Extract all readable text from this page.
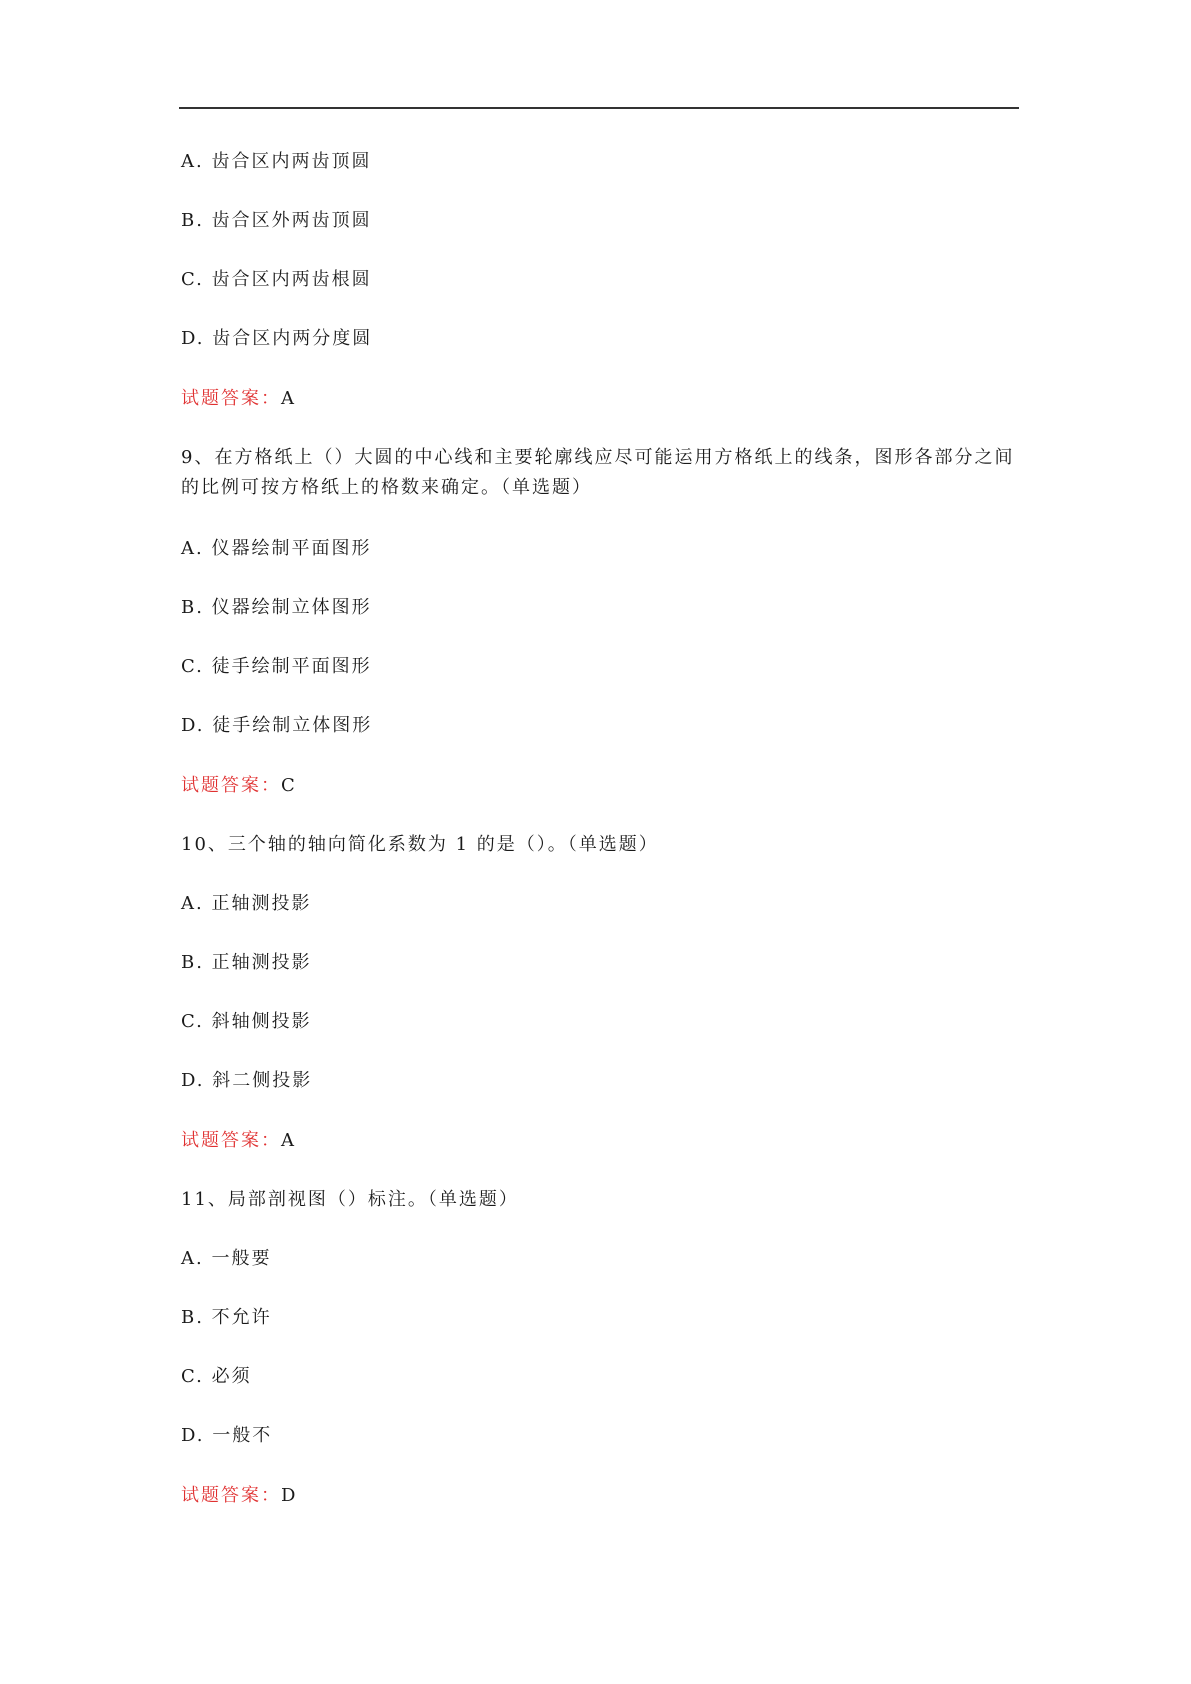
A. 齿合区内两齿顶圆
B. 齿合区外两齿顶圆
C. 齿合区内两齿根圆
D. 齿合区内两分度圆
试题答案：A
9、在方格纸上（）大圆的中心线和主要轮廓线应尽可能运用方格纸上的线条，图形各部分之间的比例可按方格纸上的格数来确定。（单选题）
A. 仪器绘制平面图形
B. 仪器绘制立体图形
C. 徒手绘制平面图形
D. 徒手绘制立体图形
试题答案：C
10、三个轴的轴向简化系数为 1 的是（）。（单选题）
A. 正轴测投影
B. 正轴测投影
C. 斜轴侧投影
D. 斜二侧投影
试题答案：A
11、局部剖视图（）标注。（单选题）
A. 一般要
B. 不允许
C. 必须
D. 一般不
试题答案：D
